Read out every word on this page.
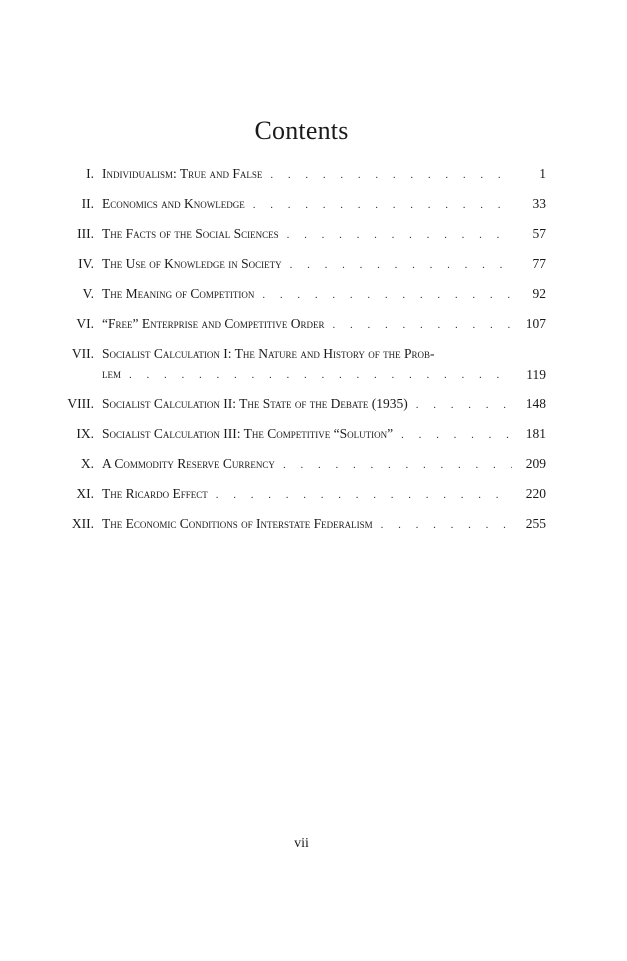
Contents
I. Individualism: True and False . . .	1
II. Economics and Knowledge . . .	33
III. The Facts of the Social Sciences . . .	57
IV. The Use of Knowledge in Society . . .	77
V. The Meaning of Competition . . .	92
VI. “Free” Enterprise and Competitive Order . . .	107
VII. Socialist Calculation I: The Nature and History of the Prob-
lem . . .	119
VIII. Socialist Calculation II: The State of the Debate (1935) . . .	148
IX. Socialist Calculation III: The Competitive “Solution” . . .	181
X. A Commodity Reserve Currency . . .	209
XI. The Ricardo Effect . . .	220
XII. The Economic Conditions of Interstate Federalism . . .	255
vii
